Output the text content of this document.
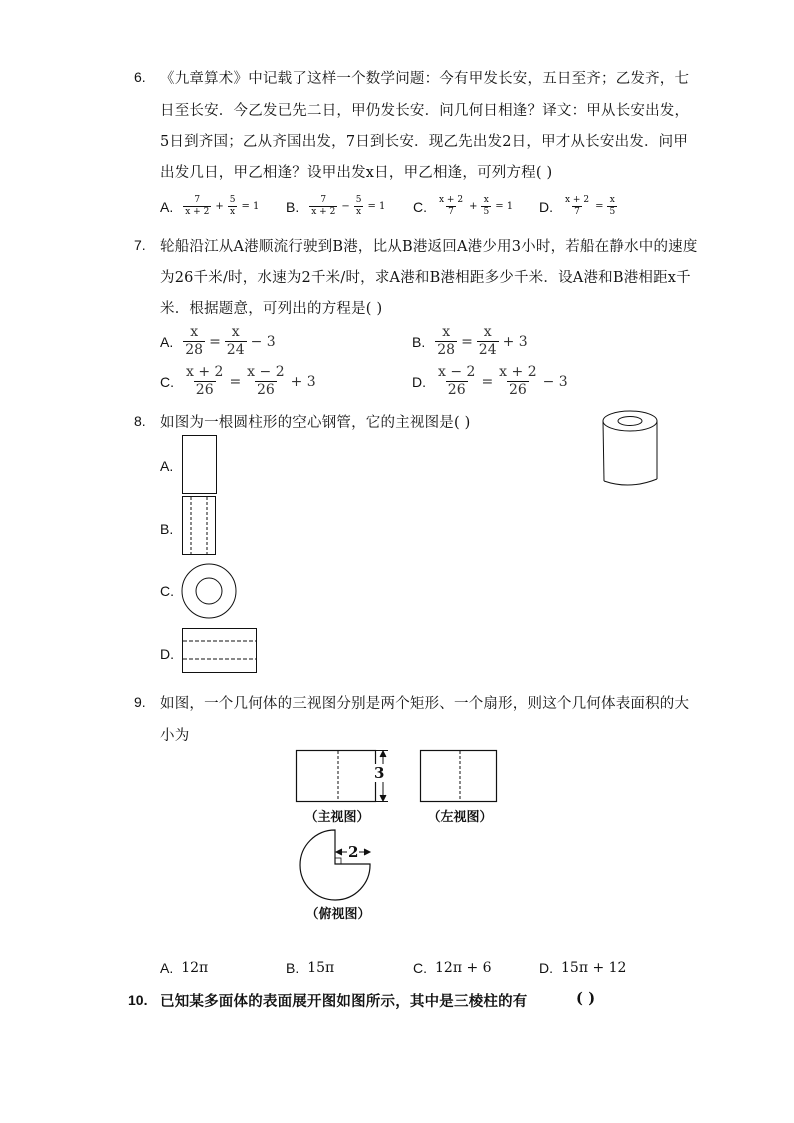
6. 《九章算术》中记载了这样一个数学问题：今有甲发长安，五日至齐；乙发齐，七
日至长安．今乙发已先二日，甲仍发长安．问几何日相逢？译文：甲从长安出发，
5日到齐国；乙从齐国出发，7日到长安．现乙先出发2日，甲才从长安出发．问甲
出发几日，甲乙相逢？设甲出发x日，甲乙相逢，可列方程( )
A. $\frac{7}{x + 2} + \frac{5}{x} = 1$ B. $\frac{7}{x + 2} - \frac{5}{x} = 1$ C. $\frac{x + 2}{7} + \frac{x}{5} = 1$ D. $\frac{x + 2}{7} = \frac{x}{5}$
7. 轮船沿江从A港顺流行驶到B港，比从B港返回A港少用3小时，若船在静水中的速度
为26千米/时，水速为2千米/时，求A港和B港相距多少千米．设A港和B港相距x千
米．根据题意，可列出的方程是( )
A. $\frac{x}{28} = \frac{x}{24} - 3$	B. $\frac{x}{28} = \frac{x}{24} + 3$
C. $\frac{x + 2}{26} = \frac{x - 2}{26} + 3$	D. $\frac{x - 2}{26} = \frac{x + 2}{26} - 3$
8. 如图为一根圆柱形的空心钢管，它的主视图是( )
A.
B.
C.
D.
9. 如图，一个几何体的三视图分别是两个矩形、一个扇形，则这个几何体表面积的大
小为
3
（主视图）	（左视图）
2
（俯视图）
A. 12π	B. 15π	C. 12π + 6	D. 15π + 12
10. 已知某多面体的表面展开图如图所示，其中是三棱柱的有	( )
